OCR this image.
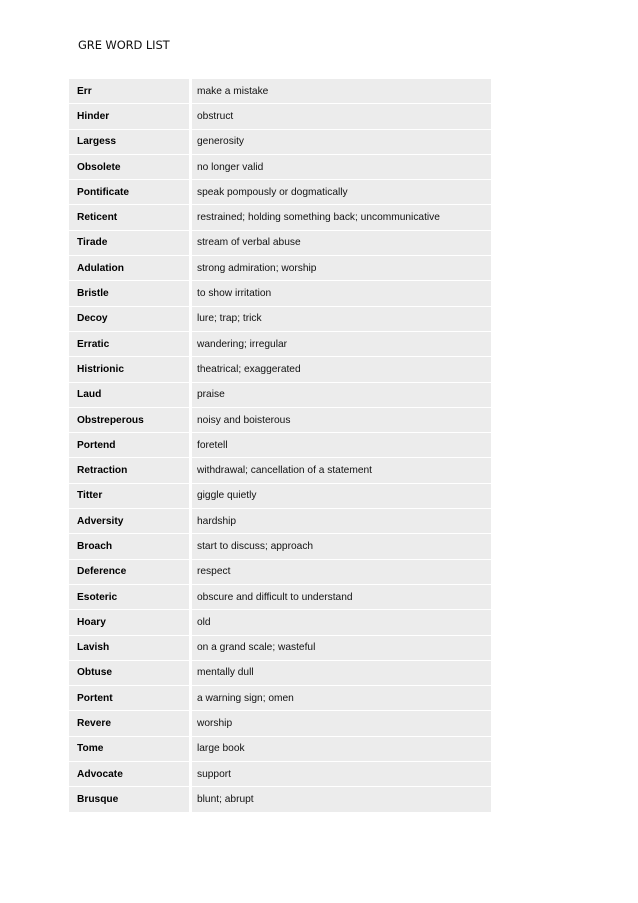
GRE WORD LIST
Err	make a mistake
Hinder	obstruct
Largess	generosity
Obsolete	no longer valid
Pontificate	speak pompously or dogmatically
Reticent	restrained; holding something back; uncommunicative
Tirade	stream of verbal abuse
Adulation	strong admiration; worship
Bristle	to show irritation
Decoy	lure; trap; trick
Erratic	wandering; irregular
Histrionic	theatrical; exaggerated
Laud	praise
Obstreperous	noisy and boisterous
Portend	foretell
Retraction	withdrawal; cancellation of a statement
Titter	giggle quietly
Adversity	hardship
Broach	start to discuss; approach
Deference	respect
Esoteric	obscure and difficult to understand
Hoary	old
Lavish	on a grand scale; wasteful
Obtuse	mentally dull
Portent	a warning sign; omen
Revere	worship
Tome	large book
Advocate	support
Brusque	blunt; abrupt
